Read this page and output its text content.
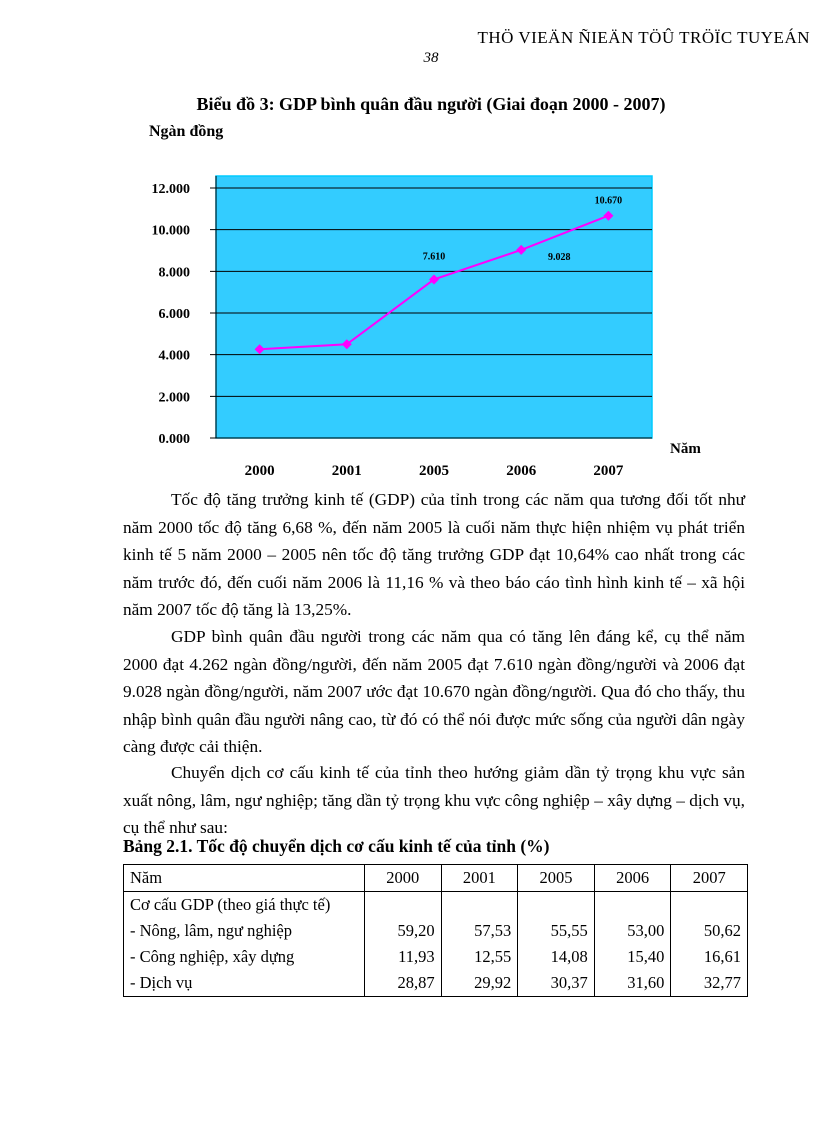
THÖ VIEÄN ÑIEÄN TÖÛ TRÖÏC TUYEÁN
38
Biểu đồ 3: GDP bình quân đầu người (Giai đoạn 2000 - 2007)
Ngàn đồng
0.000
2.000
4.000
6.000
8.000
10.000
12.000
2000	2001	2005	2006	2007
Năm
7.610	9.028
10.670

Tốc độ tăng trưởng kinh tế (GDP) của tỉnh trong các năm qua tương đối tốt như năm 2000 tốc độ tăng 6,68 %, đến năm 2005 là cuối năm thực hiện nhiệm vụ phát triển kinh tế 5 năm 2000 – 2005 nên tốc độ tăng trưởng GDP đạt 10,64% cao nhất trong các năm trước đó, đến cuối năm 2006 là 11,16 % và theo báo cáo tình hình kinh tế – xã hội năm 2007 tốc độ tăng là 13,25%.

GDP bình quân đầu người trong các năm qua có tăng lên đáng kể, cụ thể năm 2000 đạt 4.262 ngàn đồng/người, đến năm 2005 đạt 7.610 ngàn đồng/người và 2006 đạt 9.028 ngàn đồng/người, năm 2007 ước đạt 10.670 ngàn đồng/người. Qua đó cho thấy, thu nhập bình quân đầu người nâng cao, từ đó có thể nói được mức sống của người dân ngày càng được cải thiện.

Chuyển dịch cơ cấu kinh tế của tỉnh theo hướng giảm dần tỷ trọng khu vực sản xuất nông, lâm, ngư nghiệp; tăng dần tỷ trọng khu vực công nghiệp – xây dựng – dịch vụ, cụ thể như sau:

Bảng 2.1. Tốc độ chuyển dịch cơ cấu kinh tế của tỉnh (%)
Năm	2000	2001	2005	2006	2007
Cơ cấu GDP (theo giá thực tế)					
- Nông, lâm, ngư nghiệp	59,20	57,53	55,55	53,00	50,62
- Công nghiệp, xây dựng	11,93	12,55	14,08	15,40	16,61
- Dịch vụ	28,87	29,92	30,37	31,60	32,77
